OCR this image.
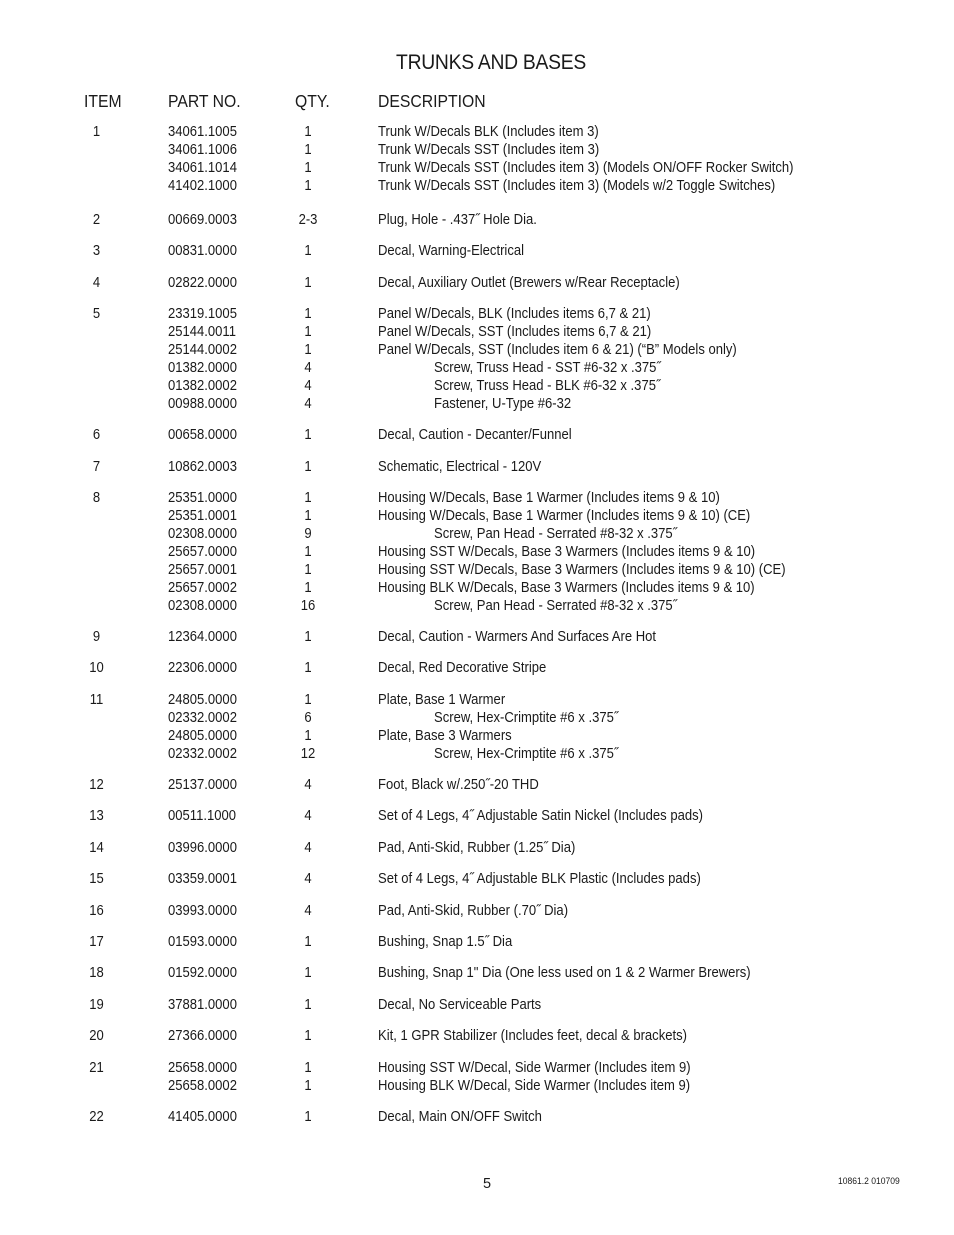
TRUNKS AND BASES
ITEM	PART NO.	QTY.	DESCRIPTION
1	34061.1005	1	Trunk W/Decals BLK (Includes item 3)
34061.1006	1	Trunk W/Decals SST (Includes item 3)
34061.1014	1	Trunk W/Decals SST (Includes item 3) (Models ON/OFF Rocker Switch)
41402.1000	1	Trunk W/Decals SST (Includes item 3) (Models w/2 Toggle Switches)
2	00669.0003	2-3	Plug, Hole - .437˝ Hole Dia.
3	00831.0000	1	Decal, Warning-Electrical
4	02822.0000	1	Decal, Auxiliary Outlet (Brewers w/Rear Receptacle)
5	23319.1005	1	Panel W/Decals, BLK (Includes items 6,7 & 21)
25144.0011	1	Panel W/Decals, SST (Includes items 6,7 & 21)
25144.0002	1	Panel W/Decals, SST (Includes item 6 & 21) (“B” Models only)
01382.0000	4	Screw, Truss Head - SST #6-32 x .375˝
01382.0002	4	Screw, Truss Head - BLK #6-32 x .375˝
00988.0000	4	Fastener, U-Type #6-32
6	00658.0000	1	Decal, Caution - Decanter/Funnel
7	10862.0003	1	Schematic, Electrical - 120V
8	25351.0000	1	Housing W/Decals, Base 1 Warmer (Includes items 9 & 10)
25351.0001	1	Housing W/Decals, Base 1 Warmer (Includes items 9 & 10) (CE)
02308.0000	9	Screw, Pan Head - Serrated #8-32 x .375˝
25657.0000	1	Housing SST W/Decals, Base 3 Warmers (Includes items 9 & 10)
25657.0001	1	Housing SST W/Decals, Base 3 Warmers (Includes items 9 & 10) (CE)
25657.0002	1	Housing BLK W/Decals, Base 3 Warmers (Includes items 9 & 10)
02308.0000	16	Screw, Pan Head - Serrated #8-32 x .375˝
9	12364.0000	1	Decal, Caution - Warmers And Surfaces Are Hot
10	22306.0000	1	Decal, Red Decorative Stripe
11	24805.0000	1	Plate, Base 1 Warmer
02332.0002	6	Screw, Hex-Crimptite #6 x .375˝
24805.0000	1	Plate, Base 3 Warmers
02332.0002	12	Screw, Hex-Crimptite #6 x .375˝
12	25137.0000	4	Foot, Black w/.250˝-20 THD
13	00511.1000	4	Set of 4 Legs, 4˝ Adjustable Satin Nickel (Includes pads)
14	03996.0000	4	Pad, Anti-Skid, Rubber (1.25˝ Dia)
15	03359.0001	4	Set of 4 Legs, 4˝ Adjustable BLK Plastic (Includes pads)
16	03993.0000	4	Pad, Anti-Skid, Rubber (.70˝ Dia)
17	01593.0000	1	Bushing, Snap 1.5˝ Dia
18	01592.0000	1	Bushing, Snap 1" Dia (One less used on 1 & 2 Warmer Brewers)
19	37881.0000	1	Decal, No Serviceable Parts
20	27366.0000	1	Kit, 1 GPR Stabilizer (Includes feet, decal & brackets)
21	25658.0000	1	Housing SST W/Decal, Side Warmer (Includes item 9)
25658.0002	1	Housing BLK W/Decal, Side Warmer (Includes item 9)
22	41405.0000	1	Decal, Main ON/OFF Switch
5	10861.2 010709
